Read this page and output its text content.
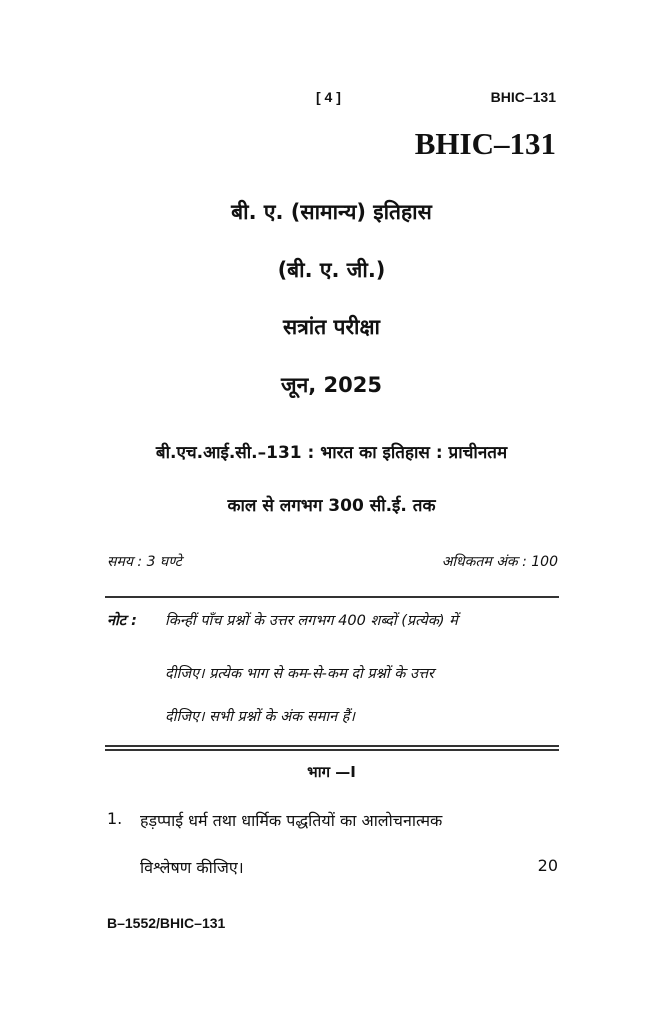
[ 4 ]	BHIC–131
BHIC–131
बी. ए. (सामान्य) इतिहास
(बी. ए. जी.)
सत्रांत परीक्षा
जून, 2025
बी.एच.आई.सी.–131 : भारत का इतिहास : प्राचीनतम
काल से लगभग 300 सी.ई. तक
समय : 3 घण्टे	अधिकतम अंक : 100
नोट : किन्हीं पाँच प्रश्नों के उत्तर लगभग 400 शब्दों (प्रत्येक) में
दीजिए। प्रत्येक भाग से कम-से-कम दो प्रश्नों के उत्तर
दीजिए। सभी प्रश्नों के अंक समान हैं।
भाग —I
1. हड़प्पाई धर्म तथा धार्मिक पद्धतियों का आलोचनात्मक
विश्लेषण कीजिए।	20
B–1552/BHIC–131
